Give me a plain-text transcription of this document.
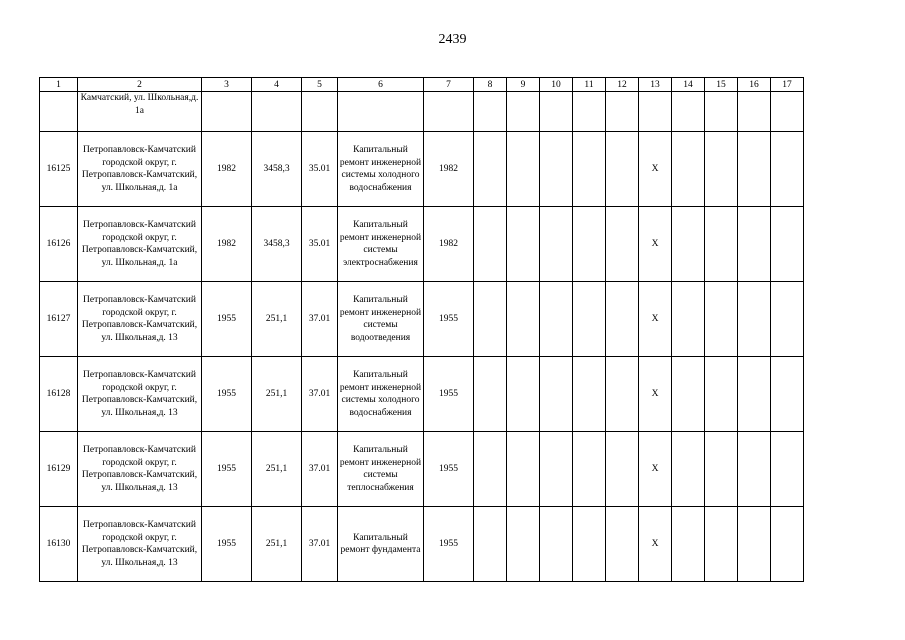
2439
1	2	3	4	5	6	7	8	9	10	11	12	13	14	15	16	17
	Камчатский, ул. Школьная,д. 1а															
16125	Петропавловск-Камчатский городской округ, г. Петропавловск-Камчатский, ул. Школьная,д. 1а	1982	3458,3	35.01	Капитальный ремонт инженерной системы холодного водоснабжения	1982						X				
16126	Петропавловск-Камчатский городской округ, г. Петропавловск-Камчатский, ул. Школьная,д. 1а	1982	3458,3	35.01	Капитальный ремонт инженерной системы электроснабжения	1982						X				
16127	Петропавловск-Камчатский городской округ, г. Петропавловск-Камчатский, ул. Школьная,д. 13	1955	251,1	37.01	Капитальный ремонт инженерной системы водоотведения	1955						X				
16128	Петропавловск-Камчатский городской округ, г. Петропавловск-Камчатский, ул. Школьная,д. 13	1955	251,1	37.01	Капитальный ремонт инженерной системы холодного водоснабжения	1955						X				
16129	Петропавловск-Камчатский городской округ, г. Петропавловск-Камчатский, ул. Школьная,д. 13	1955	251,1	37.01	Капитальный ремонт инженерной системы теплоснабжения	1955						X				
16130	Петропавловск-Камчатский городской округ, г. Петропавловск-Камчатский, ул. Школьная,д. 13	1955	251,1	37.01	Капитальный ремонт фундамента	1955						X				
